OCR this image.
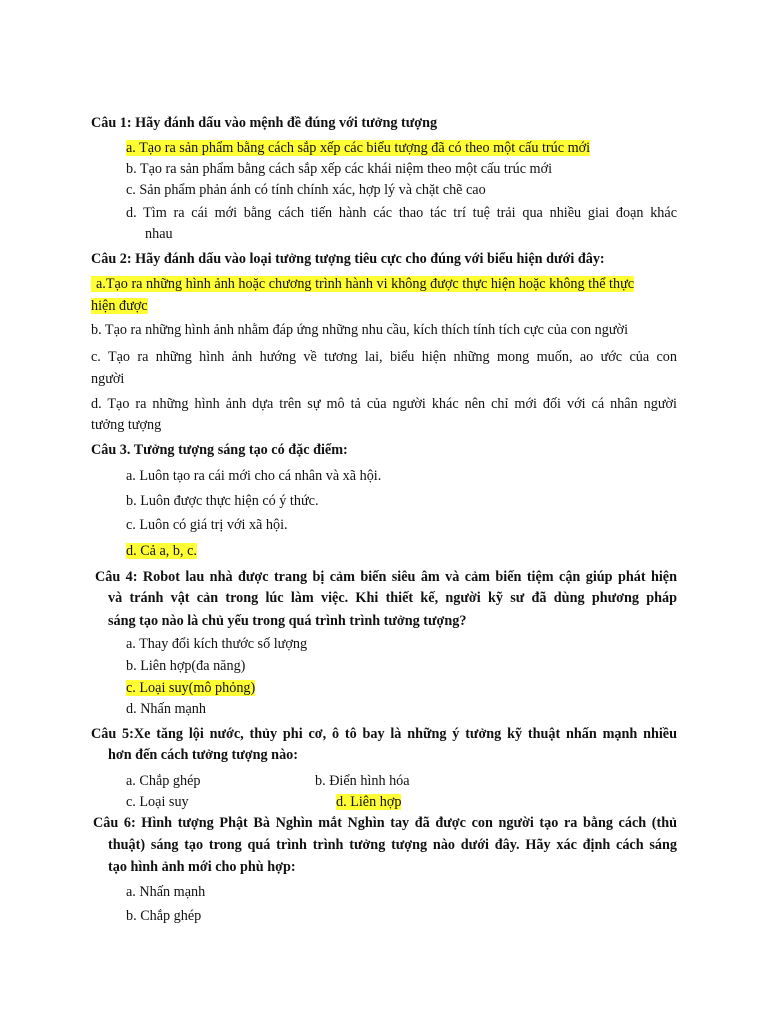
Câu 1: Hãy đánh dấu vào mệnh đề đúng với tưởng tượng
a. Tạo ra sản phẩm bằng cách sắp xếp các biểu tượng đã có theo một cấu trúc mới
b. Tạo ra sản phẩm bằng cách sắp xếp các khái niệm theo một cấu trúc mới
c. Sản phẩm phản ánh có tính chính xác, hợp lý và chặt chẽ cao
d. Tìm ra cái mới bằng cách tiến hành các thao tác trí tuệ trải qua nhiều giai đoạn khác
nhau
Câu 2: Hãy đánh dấu vào loại tưởng tượng tiêu cực cho đúng với biểu hiện dưới đây:
a.Tạo ra những hình ảnh hoặc chương trình hành vi không được thực hiện hoặc không thể thực
hiện được
b. Tạo ra những hình ảnh nhằm đáp ứng những nhu cầu, kích thích tính tích cực của con người
c. Tạo ra những hình ảnh hướng về tương lai, biểu hiện những mong muốn, ao ước của con
người
d. Tạo ra những hình ảnh dựa trên sự mô tả của người khác nên chỉ mới đối với cá nhân người
tưởng tượng
Câu 3. Tưởng tượng sáng tạo có đặc điểm:
a. Luôn tạo ra cái mới cho cá nhân và xã hội.
b. Luôn được thực hiện có ý thức.
c. Luôn có giá trị với xã hội.
d. Cả a, b, c.
Câu 4: Robot lau nhà được trang bị cảm biến siêu âm và cảm biến tiệm cận giúp phát hiện
và tránh vật cản trong lúc làm việc. Khi thiết kế, người kỹ sư đã dùng phương pháp
sáng tạo nào là chủ yếu trong quá trình trình tưởng tượng?
a. Thay đổi kích thước số lượng
b. Liên hợp(đa năng)
c. Loại suy(mô phỏng)
d. Nhấn mạnh
Câu 5:Xe tăng lội nước, thủy phi cơ, ô tô bay là những ý tưởng kỹ thuật nhấn mạnh nhiều
hơn đến cách tưởng tượng nào:
a. Chắp ghép	b. Điển hình hóa
c. Loại suy	d. Liên hợp
Câu 6: Hình tượng Phật Bà Nghìn mắt Nghìn tay đã được con người tạo ra bằng cách (thủ
thuật) sáng tạo trong quá trình trình tưởng tượng nào dưới đây. Hãy xác định cách sáng
tạo hình ảnh mới cho phù hợp:
a. Nhấn mạnh
b. Chắp ghép
